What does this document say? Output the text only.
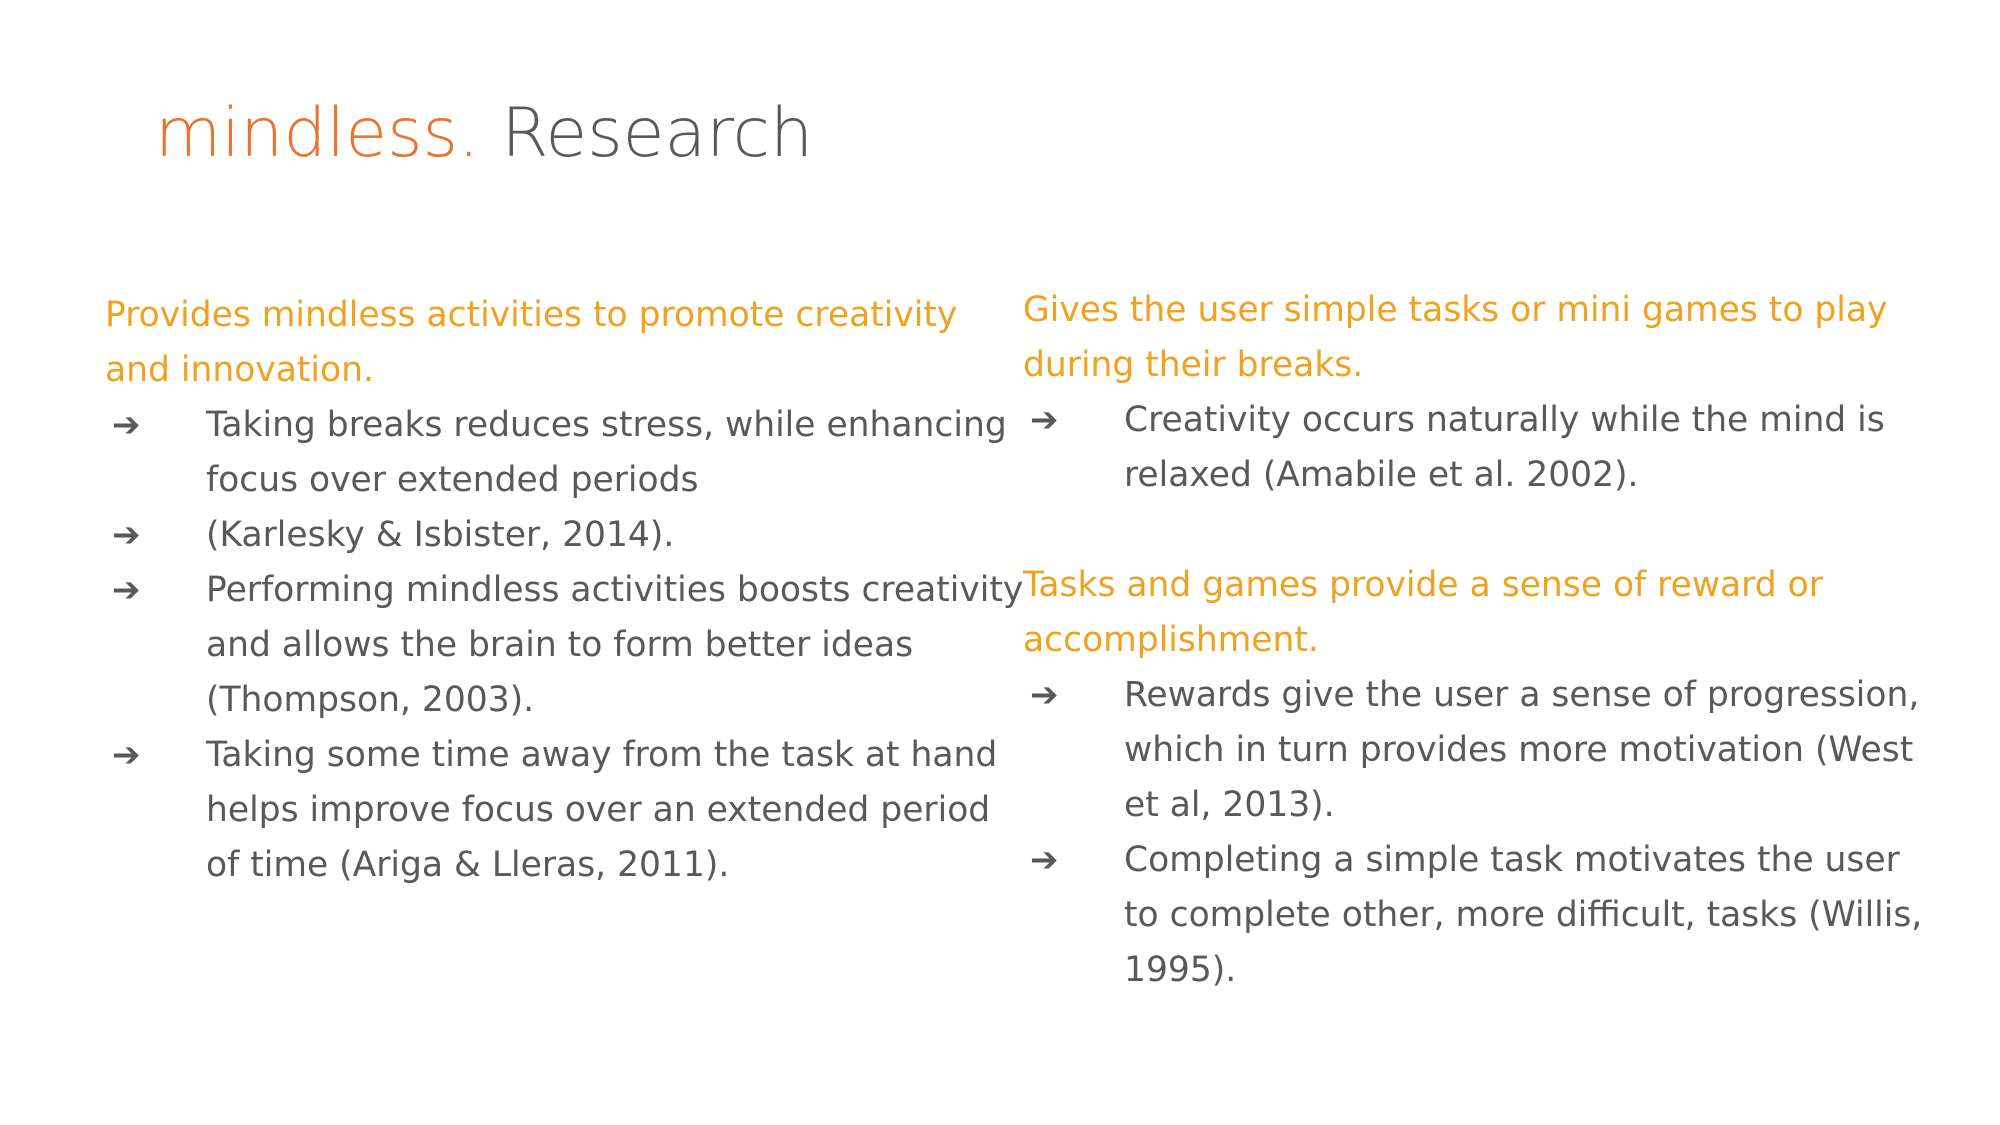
mindless. Research

Provides mindless activities to promote creativity and innovation.

➔ Taking breaks reduces stress, while enhancing focus over extended periods
➔ (Karlesky & Isbister, 2014).
➔ Performing mindless activities boosts creativity and allows the brain to form better ideas (Thompson, 2003).
➔ Taking some time away from the task at hand helps improve focus over an extended period of time (Ariga & Lleras, 2011).

Gives the user simple tasks or mini games to play during their breaks.

➔ Creativity occurs naturally while the mind is relaxed (Amabile et al. 2002).

Tasks and games provide a sense of reward or accomplishment.

➔ Rewards give the user a sense of progression, which in turn provides more motivation (West et al, 2013).
➔ Completing a simple task motivates the user to complete other, more difficult, tasks (Willis, 1995).
